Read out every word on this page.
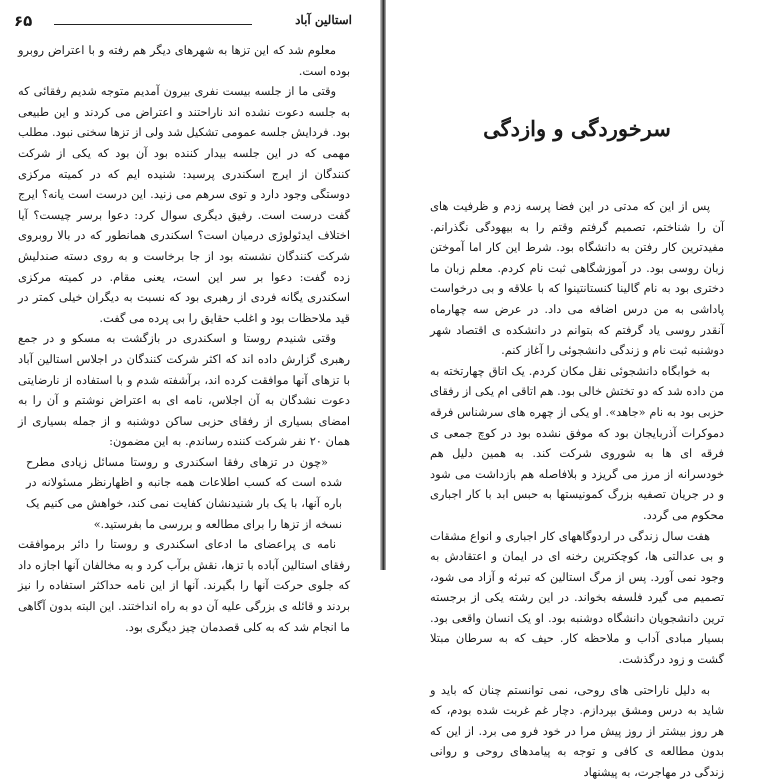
۶۵	استالین آباد

معلوم شد که این تزها به شهرهای دیگر هم رفته و با اعتراض روبرو بوده است.

وقتی ما از جلسه بیست نفری بیرون آمدیم متوجه شدیم رفقائی که به جلسه دعوت نشده اند ناراحتند و اعتراض می کردند و این طبیعی بود. فردایش جلسه عمومی تشکیل شد ولی از تزها سخنی نبود. مطلب مهمی که در این جلسه بیدار کننده بود آن بود که یکی از شرکت کنندگان از ایرج اسکندری پرسید: شنیده ایم که در کمیته مرکزی دوستگی وجود دارد و توی سرهم می زنید. این درست است یانه؟ ایرج گفت درست است. رفیق دیگری سوال کرد: دعوا برسر چیست؟ آیا اختلاف ایدئولوژی درمیان است؟ اسکندری همانطور که در بالا روبروی شرکت کنندگان نشسته بود از جا برخاست و به روی دسته صندلیش زده گفت: دعوا بر سر این است، یعنی مقام. در کمیته مرکزی اسکندری یگانه فردی از رهبری بود که نسبت به دیگران خیلی کمتر در قید ملاحظات بود و اغلب حقایق را بی پرده می گفت.

وقتی شنیدم روستا و اسکندری در بازگشت به مسکو و در جمع رهبری گزارش داده اند که اکثر شرکت کنندگان در اجلاس استالین آباد با تزهای آنها موافقت کرده اند، برآشفته شدم و با استفاده از نارضایتی دعوت نشدگان به آن اجلاس، نامه ای به اعتراض نوشتم و آن را به امضای بسیاری از رفقای حزبی ساکن دوشنبه و از جمله بسیاری از همان ۲۰ نفر شرکت کننده رساندم. به این مضمون:

«چون در تزهای رفقا اسکندری و روستا مسائل زیادی مطرح شده است که کسب اطلاعات همه جانبه و اظهارنظر مسئولانه در باره آنها، با یک بار شنیدنشان کفایت نمی کند، خواهش می کنیم یک نسخه از تزها را برای مطالعه و بررسی ما بفرستید.»

نامه ی پراعضای ما ادعای اسکندری و روستا را دائر برموافقت رفقای استالین آباده با تزها، نقش برآب کرد و به مخالفان آنها اجازه داد که جلوی حرکت آنها را بگیرند. آنها از این نامه حداکثر استفاده را نیز بردند و قائله ی بزرگی علیه آن دو به راه انداختند. این البته بدون آگاهی ما انجام شد که به کلی قصدمان چیز دیگری بود.

سرخوردگی و وازدگی

پس از این که مدتی در این فضا پرسه زدم و ظرفیت های آن را شناختم، تصمیم گرفتم وقتم را به بیهودگی نگذرانم. مفیدترین کار رفتن به دانشگاه بود. شرط این کار اما آموختن زبان روسی بود. در آموزشگاهی ثبت نام کردم. معلم زبان ما دختری بود به نام گالینا کنستانتینوا که با علاقه و بی درخواست پاداشی به من درس اضافه می داد. در عرض سه چهارماه آنقدر روسی یاد گرفتم که بتوانم در دانشکده ی اقتصاد شهر دوشنبه ثبت نام و زندگی دانشجوئی را آغاز کنم.

به خوابگاه دانشجوئی نقل مکان کردم. یک اتاق چهارتخته به من داده شد که دو تختش خالی بود. هم اتاقی ام یکی از رفقای حزبی بود به نام «جاهد». او یکی از چهره های سرشناس فرقه دموکرات آذربایجان بود که موفق نشده بود در کوچ جمعی ی فرقه ای ها به شوروی شرکت کند. به همین دلیل هم خودسرانه از مرز می گریزد و بلافاصله هم بازداشت می شود و در جریان تصفیه بزرگ کمونیستها به حبس ابد با کار اجباری محکوم می گردد.

هفت سال زندگی در اردوگاههای کار اجباری و انواع مشقات و بی عدالتی ها، کوچکترین رخنه ای در ایمان و اعتقادش به وجود نمی آورد. پس از مرگ استالین که تبرئه و آزاد می شود، تصمیم می گیرد فلسفه بخواند. در این رشته یکی از برجسته ترین دانشجویان دانشگاه دوشنبه بود. او یک انسان واقعی بود. بسیار مبادی آداب و ملاحظه کار. حیف که به سرطان مبتلا گشت و زود درگذشت.

به دلیل ناراحتی های روحی، نمی توانستم چنان که باید و شاید به درس ومشق بپردازم. دچار غم غربت شده بودم، که هر روز بیشتر از روز پیش مرا در خود فرو می برد. از این که بدون مطالعه ی کافی و توجه به پیامدهای روحی و روانی زندگی در مهاجرت، به پیشنهاد
